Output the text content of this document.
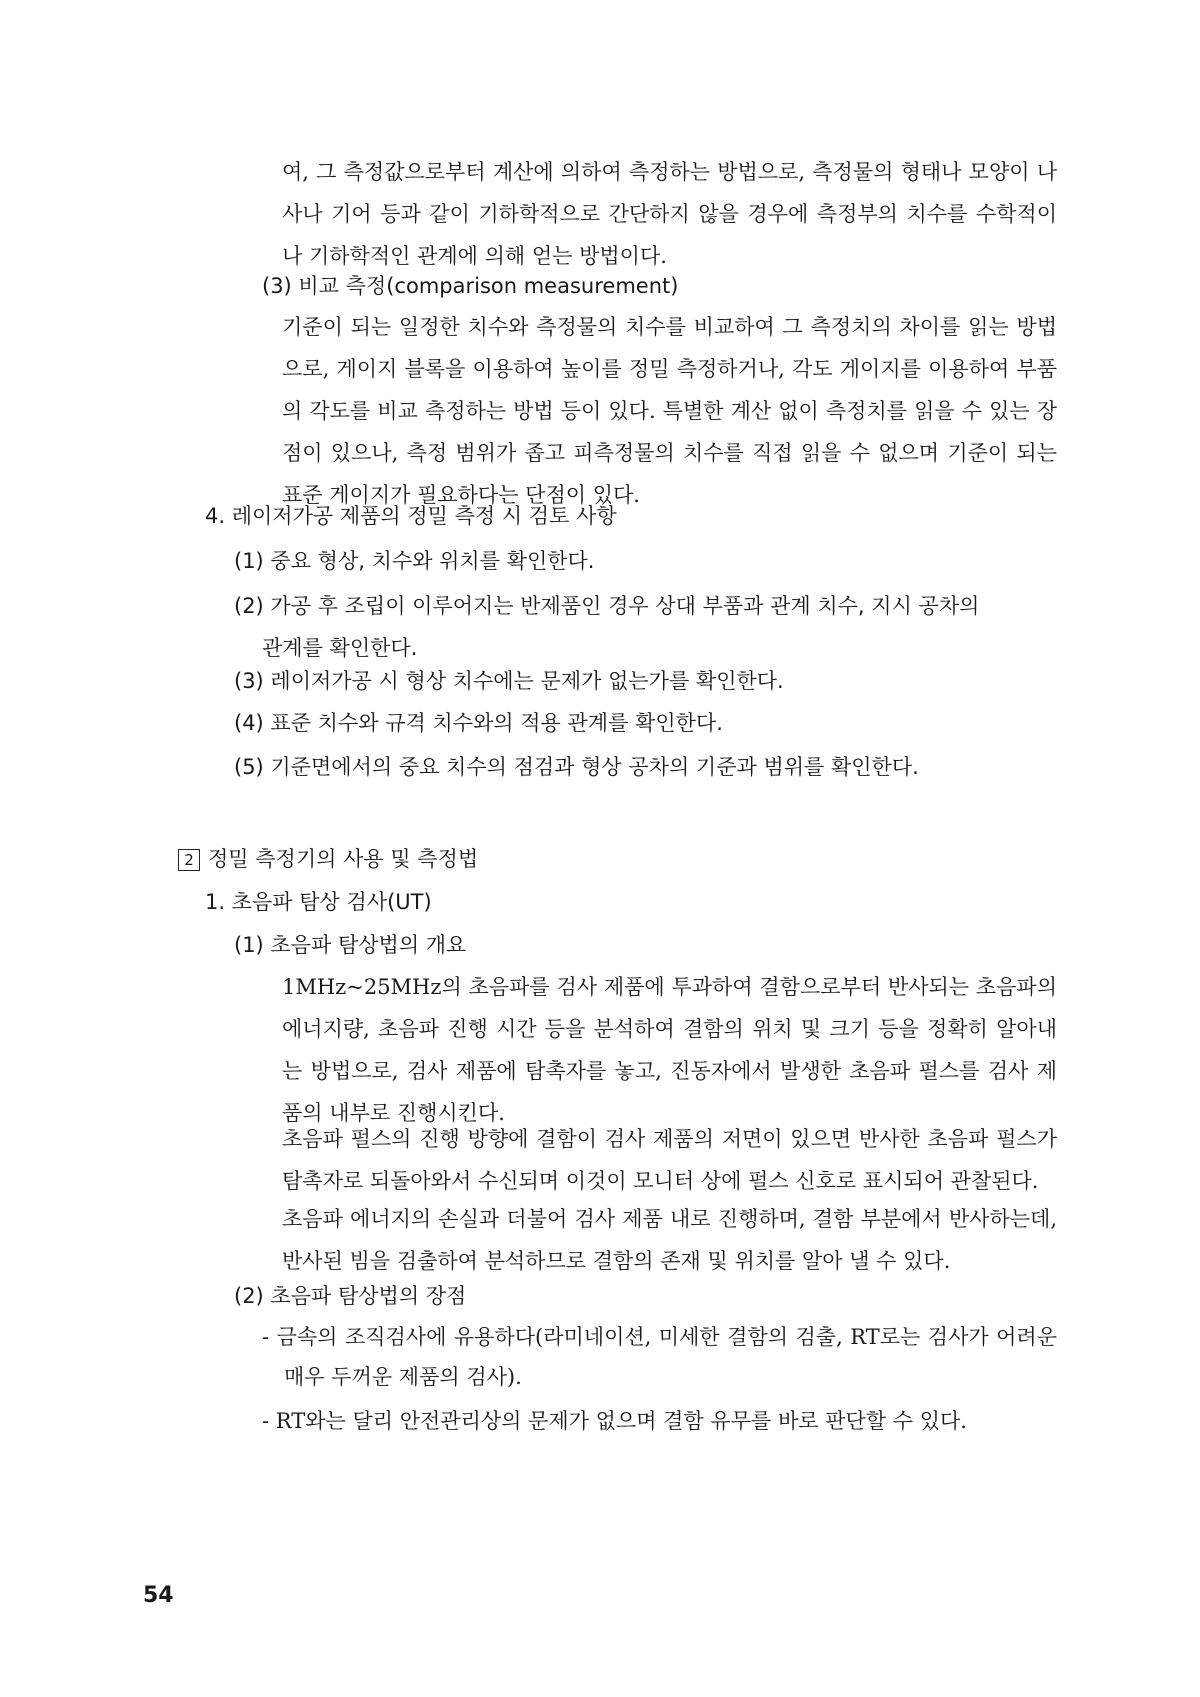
여, 그 측정값으로부터 계산에 의하여 측정하는 방법으로, 측정물의 형태나 모양이 나사나 기어 등과 같이 기하학적으로 간단하지 않을 경우에 측정부의 치수를 수학적이나 기하학적인 관계에 의해 얻는 방법이다.

(3) 비교 측정(comparison measurement)

기준이 되는 일정한 치수와 측정물의 치수를 비교하여 그 측정치의 차이를 읽는 방법으로, 게이지 블록을 이용하여 높이를 정밀 측정하거나, 각도 게이지를 이용하여 부품의 각도를 비교 측정하는 방법 등이 있다. 특별한 계산 없이 측정치를 읽을 수 있는 장점이 있으나, 측정 범위가 좁고 피측정물의 치수를 직접 읽을 수 없으며 기준이 되는 표준 게이지가 필요하다는 단점이 있다.

4. 레이저가공 제품의 정밀 측정 시 검토 사항

(1) 중요 형상, 치수와 위치를 확인한다.

(2) 가공 후 조립이 이루어지는 반제품인 경우 상대 부품과 관계 치수, 지시 공차의 관계를 확인한다.

(3) 레이저가공 시 형상 치수에는 문제가 없는가를 확인한다.

(4) 표준 치수와 규격 치수와의 적용 관계를 확인한다.

(5) 기준면에서의 중요 치수의 점검과 형상 공차의 기준과 범위를 확인한다.

2 정밀 측정기의 사용 및 측정법

1. 초음파 탐상 검사(UT)

(1) 초음파 탐상법의 개요

1MHz~25MHz의 초음파를 검사 제품에 투과하여 결함으로부터 반사되는 초음파의 에너지량, 초음파 진행 시간 등을 분석하여 결함의 위치 및 크기 등을 정확히 알아내는 방법으로, 검사 제품에 탐촉자를 놓고, 진동자에서 발생한 초음파 펄스를 검사 제품의 내부로 진행시킨다.

초음파 펄스의 진행 방향에 결함이 검사 제품의 저면이 있으면 반사한 초음파 펄스가 탐촉자로 되돌아와서 수신되며 이것이 모니터 상에 펄스 신호로 표시되어 관찰된다.

초음파 에너지의 손실과 더불어 검사 제품 내로 진행하며, 결함 부분에서 반사하는데, 반사된 빔을 검출하여 분석하므로 결함의 존재 및 위치를 알아 낼 수 있다.

(2) 초음파 탐상법의 장점

- 금속의 조직검사에 유용하다(라미네이션, 미세한 결함의 검출, RT로는 검사가 어려운 매우 두꺼운 제품의 검사).
- RT와는 달리 안전관리상의 문제가 없으며 결함 유무를 바로 판단할 수 있다.
54
